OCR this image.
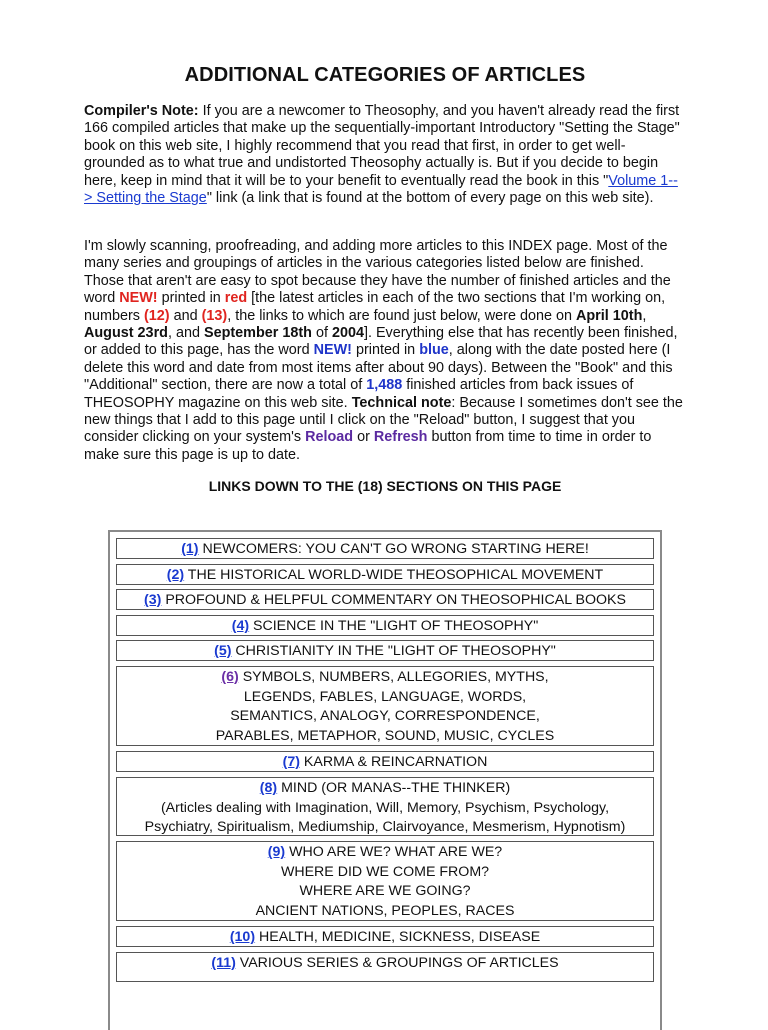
ADDITIONAL CATEGORIES OF ARTICLES

Compiler's Note: If you are a newcomer to Theosophy, and you haven't already read the first 166 compiled articles that make up the sequentially-important Introductory "Setting the Stage" book on this web site, I highly recommend that you read that first, in order to get well-grounded as to what true and undistorted Theosophy actually is. But if you decide to begin here, keep in mind that it will be to your benefit to eventually read the book in this "Volume 1--> Setting the Stage" link (a link that is found at the bottom of every page on this web site).

I'm slowly scanning, proofreading, and adding more articles to this INDEX page. Most of the many series and groupings of articles in the various categories listed below are finished. Those that aren't are easy to spot because they have the number of finished articles and the word NEW! printed in red [the latest articles in each of the two sections that I'm working on, numbers (12) and (13), the links to which are found just below, were done on April 10th, August 23rd, and September 18th of 2004]. Everything else that has recently been finished, or added to this page, has the word NEW! printed in blue, along with the date posted here (I delete this word and date from most items after about 90 days). Between the "Book" and this "Additional" section, there are now a total of 1,488 finished articles from back issues of THEOSOPHY magazine on this web site. Technical note: Because I sometimes don't see the new things that I add to this page until I click on the "Reload" button, I suggest that you consider clicking on your system's Reload or Refresh button from time to time in order to make sure this page is up to date.

LINKS DOWN TO THE (18) SECTIONS ON THIS PAGE
(1) NEWCOMERS: YOU CAN'T GO WRONG STARTING HERE!
(2) THE HISTORICAL WORLD-WIDE THEOSOPHICAL MOVEMENT
(3) PROFOUND & HELPFUL COMMENTARY ON THEOSOPHICAL BOOKS
(4) SCIENCE IN THE "LIGHT OF THEOSOPHY"
(5) CHRISTIANITY IN THE "LIGHT OF THEOSOPHY"
(6) SYMBOLS, NUMBERS, ALLEGORIES, MYTHS,
LEGENDS, FABLES, LANGUAGE, WORDS,
SEMANTICS, ANALOGY, CORRESPONDENCE,
PARABLES, METAPHOR, SOUND, MUSIC, CYCLES
(7) KARMA & REINCARNATION
(8) MIND (OR MANAS--THE THINKER)
(Articles dealing with Imagination, Will, Memory, Psychism, Psychology,
Psychiatry, Spiritualism, Mediumship, Clairvoyance, Mesmerism, Hypnotism)
(9) WHO ARE WE? WHAT ARE WE?
WHERE DID WE COME FROM?
WHERE ARE WE GOING?
ANCIENT NATIONS, PEOPLES, RACES
(10) HEALTH, MEDICINE, SICKNESS, DISEASE
(11) VARIOUS SERIES & GROUPINGS OF ARTICLES
